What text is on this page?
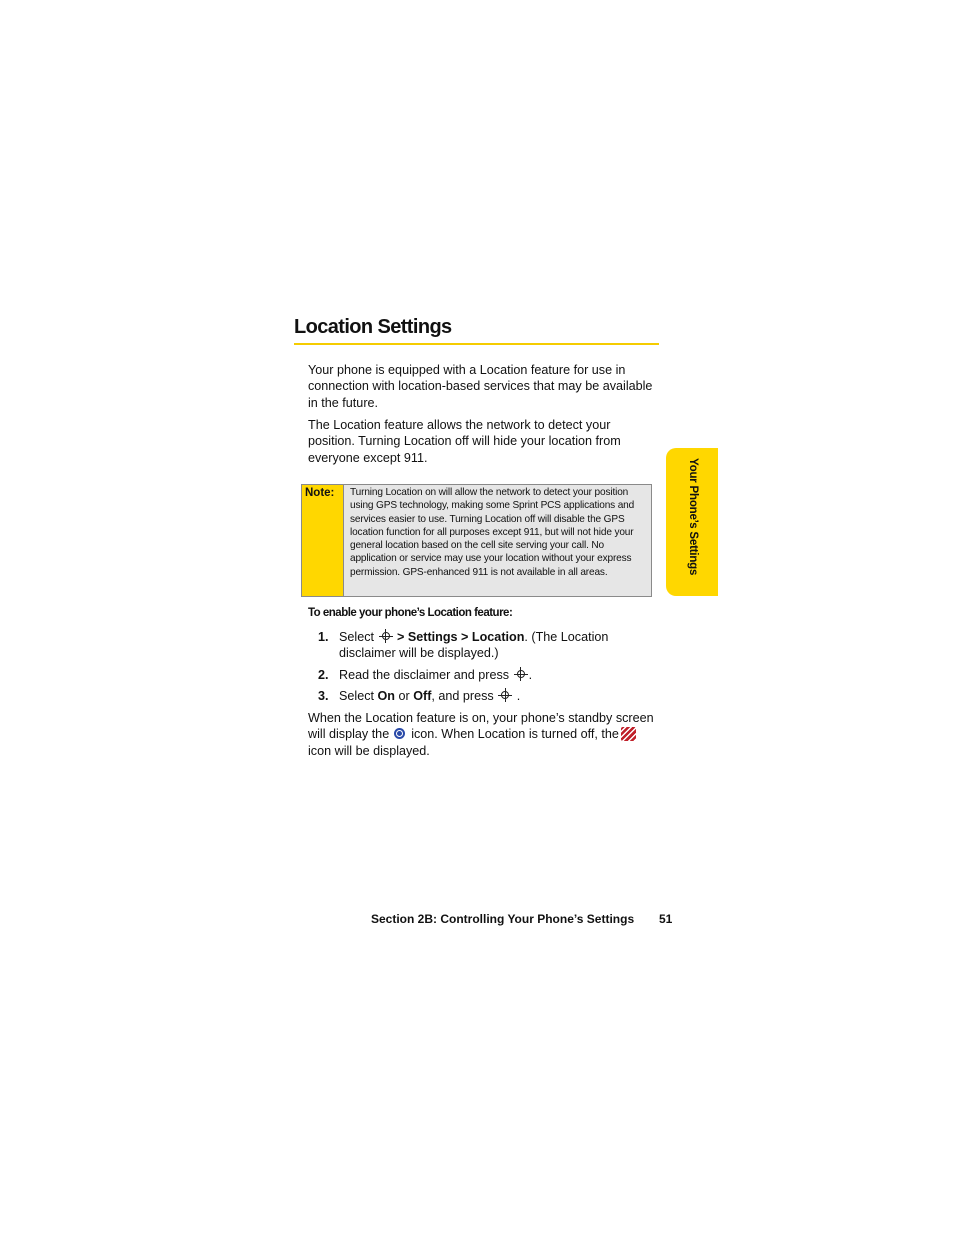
Location Settings

Your phone is equipped with a Location feature for use in connection with location-based services that may be available in the future.

The Location feature allows the network to detect your position. Turning Location off will hide your location from everyone except 911.

Note:	Turning Location on will allow the network to detect your position using GPS technology, making some Sprint PCS applications and services easier to use. Turning Location off will disable the GPS location function for all purposes except 911, but will not hide your general location based on the cell site serving your call. No application or service may use your location without your express permission. GPS-enhanced 911 is not available in all areas.
To enable your phone’s Location feature:
1. Select
> Settings > Location. (The Location disclaimer will be displayed.)
2. Read the disclaimer and press
.
3. Select On or Off, and press
.

When the Location feature is on, your phone’s standby screen will display the icon. When Location is turned off, theicon will be displayed.

Your Phone’s Settings
Section 2B: Controlling Your Phone’s Settings 51
